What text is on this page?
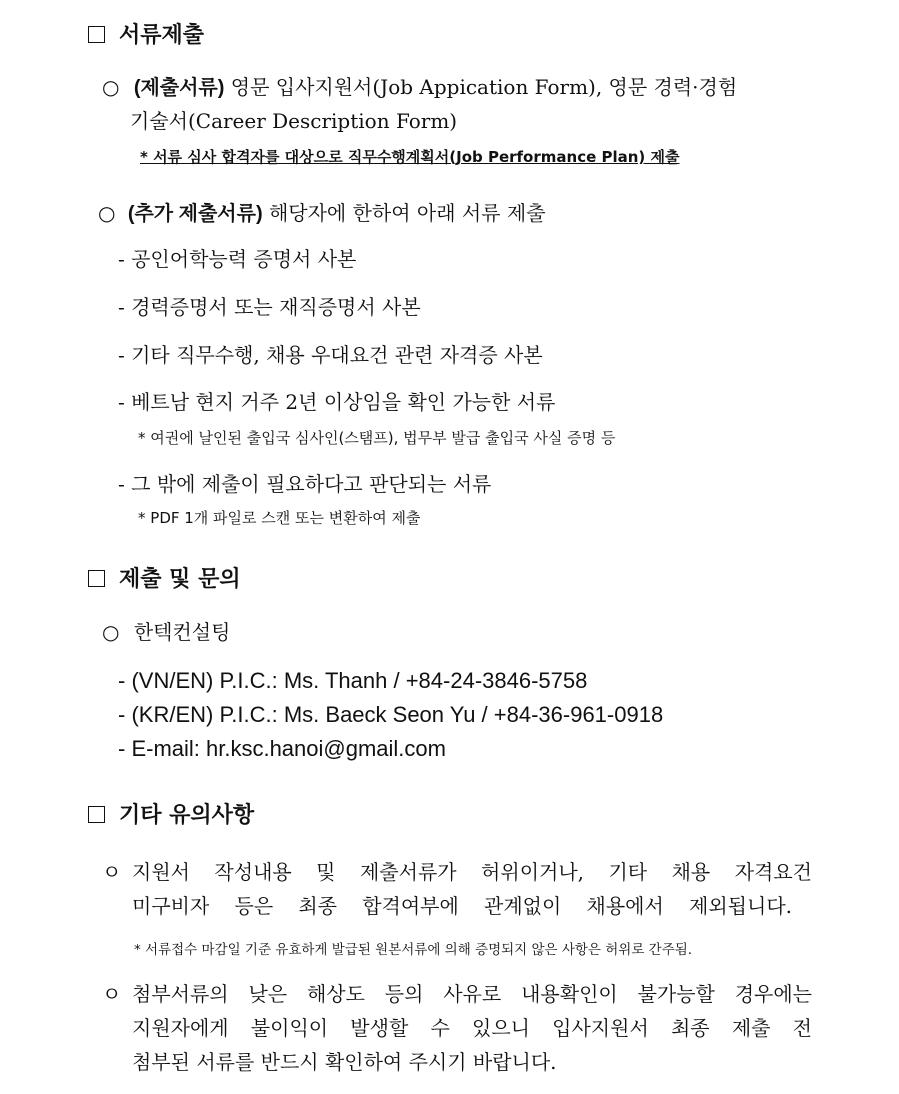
서류제출
○ (제출서류) 영문 입사지원서(Job Appication Form), 영문 경력·경험
기술서(Career Description Form)
* 서류 심사 합격자를 대상으로 직무수행계획서(Job Performance Plan) 제출
○ (추가 제출서류) 해당자에 한하여 아래 서류 제출
- 공인어학능력 증명서 사본
- 경력증명서 또는 재직증명서 사본
- 기타 직무수행, 채용 우대요건 관련 자격증 사본
- 베트남 현지 거주 2년 이상임을 확인 가능한 서류
* 여권에 날인된 출입국 심사인(스탬프), 법무부 발급 출입국 사실 증명 등
- 그 밖에 제출이 필요하다고 판단되는 서류
* PDF 1개 파일로 스캔 또는 변환하여 제출
제출 및 문의
○ 한텍컨설팅
- (VN/EN) P.I.C.: Ms. Thanh / +84-24-3846-5758
- (KR/EN) P.I.C.: Ms. Baeck Seon Yu / +84-36-961-0918
- E-mail: hr.ksc.hanoi@gmail.com
기타 유의사항
ㅇ 지원서 작성내용 및 제출서류가 허위이거나, 기타 채용 자격요건
미구비자 등은 최종 합격여부에 관계없이 채용에서 제외됩니다.
* 서류접수 마감일 기준 유효하게 발급된 원본서류에 의해 증명되지 않은 사항은 허위로 간주됨.
ㅇ 첨부서류의 낮은 해상도 등의 사유로 내용확인이 불가능할 경우에는
지원자에게 불이익이 발생할 수 있으니 입사지원서 최종 제출 전
첨부된 서류를 반드시 확인하여 주시기 바랍니다.
